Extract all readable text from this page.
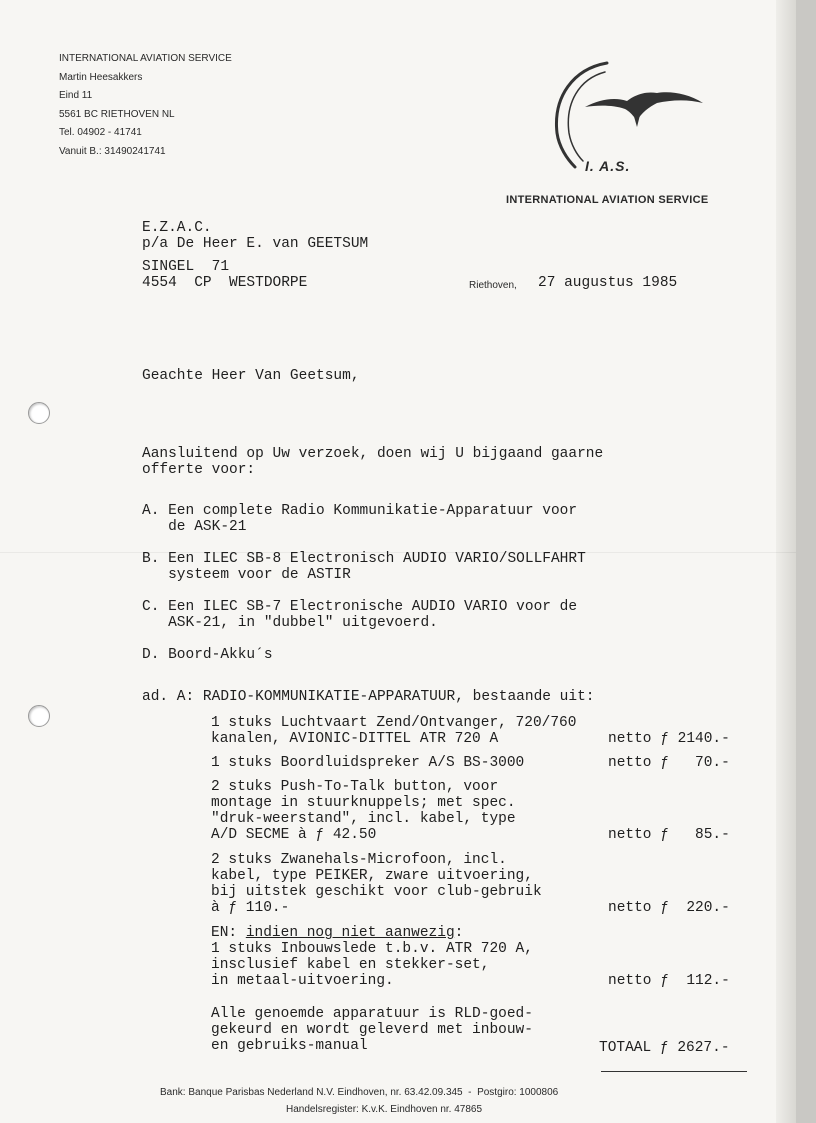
INTERNATIONAL AVIATION SERVICE
Martin Heesakkers
Eind 11
5561 BC RIETHOVEN NL
Tel. 04902 - 41741
Vanuit B.: 31490241741
I. A.S.
INTERNATIONAL AVIATION SERVICE
E.Z.A.C.
p/a De Heer E. van GEETSUM
SINGEL  71
4554  CP  WESTDORPE	Riethoven, 27 augustus 1985
Geachte Heer Van Geetsum,
Aansluitend op Uw verzoek, doen wij U bijgaand gaarne
offerte voor:
A. Een complete Radio Kommunikatie-Apparatuur voor
de ASK-21
B. Een ILEC SB-8 Electronisch AUDIO VARIO/SOLLFAHRT
systeem voor de ASTIR
C. Een ILEC SB-7 Electronische AUDIO VARIO voor de
ASK-21, in "dubbel" uitgevoerd.
D. Boord-Akku´s
ad. A: RADIO-KOMMUNIKATIE-APPARATUUR, bestaande uit:
1 stuks Luchtvaart Zend/Ontvanger, 720/760
kanalen, AVIONIC-DITTEL ATR 720 A	netto ƒ 2140.-
1 stuks Boordluidspreker A/S BS-3000	netto ƒ   70.-
2 stuks Push-To-Talk button, voor
montage in stuurknuppels; met spec.
"druk-weerstand", incl. kabel, type
A/D SECME à ƒ 42.50	netto ƒ   85.-
2 stuks Zwanehals-Microfoon, incl.
kabel, type PEIKER, zware uitvoering,
bij uitstek geschikt voor club-gebruik
à ƒ 110.-	netto ƒ  220.-
EN: indien nog niet aanwezig:
1 stuks Inbouwslede t.b.v. ATR 720 A,
insclusief kabel en stekker-set,
in metaal-uitvoering.	netto ƒ  112.-
Alle genoemde apparatuur is RLD-goed-
gekeurd en wordt geleverd met inbouw-
en gebruiks-manual	TOTAAL ƒ 2627.-
Bank: Banque Parisbas Nederland N.V. Eindhoven, nr. 63.42.09.345  -  Postgiro: 1000806
Handelsregister: K.v.K. Eindhoven nr. 47865
